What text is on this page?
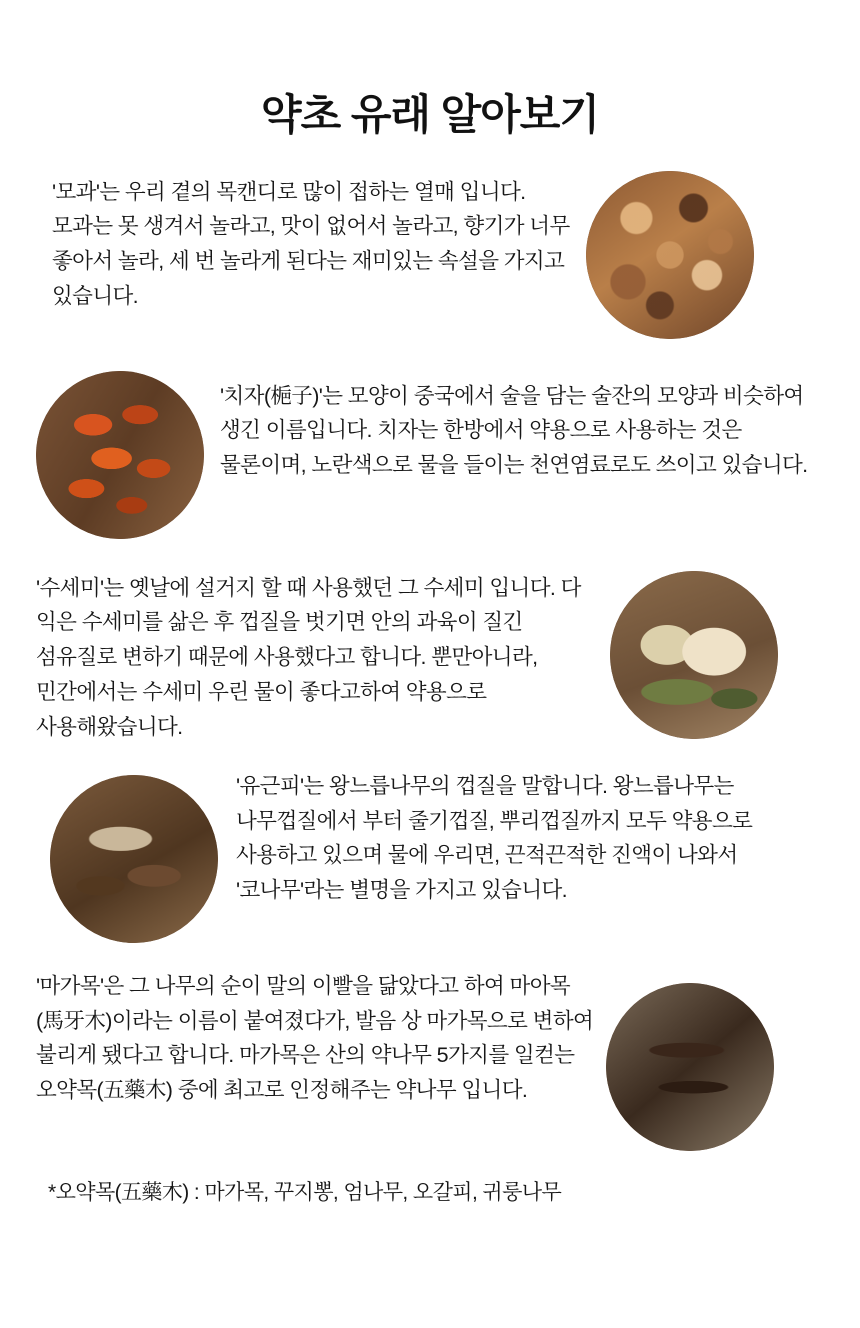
약초 유래 알아보기

'모과'는 우리 곁의 목캔디로 많이 접하는 열매 입니다. 모과는 못 생겨서 놀라고, 맛이 없어서 놀라고, 향기가 너무 좋아서 놀라, 세 번 놀라게 된다는 재미있는 속설을 가지고 있습니다.

'치자(梔子)'는 모양이 중국에서 술을 담는 술잔의 모양과 비슷하여 생긴 이름입니다. 치자는 한방에서 약용으로 사용하는 것은 물론이며, 노란색으로 물을 들이는 천연염료로도 쓰이고 있습니다.

'수세미'는 옛날에 설거지 할 때 사용했던 그 수세미 입니다. 다 익은 수세미를 삶은 후 껍질을 벗기면 안의 과육이 질긴 섬유질로 변하기 때문에 사용했다고 합니다. 뿐만아니라, 민간에서는 수세미 우린 물이 좋다고하여 약용으로 사용해왔습니다.

'유근피'는 왕느릅나무의 껍질을 말합니다. 왕느릅나무는 나무껍질에서 부터 줄기껍질, 뿌리껍질까지 모두 약용으로 사용하고 있으며 물에 우리면, 끈적끈적한 진액이 나와서 '코나무'라는 별명을 가지고 있습니다.

'마가목'은 그 나무의 순이 말의 이빨을 닮았다고 하여 마아목(馬牙木)이라는 이름이 붙여졌다가, 발음 상 마가목으로 변하여 불리게 됐다고 합니다. 마가목은 산의 약나무 5가지를 일컫는 오약목(五藥木) 중에 최고로 인정해주는 약나무 입니다.

*오약목(五藥木) : 마가목, 꾸지뽕, 엄나무, 오갈피, 귀룽나무
